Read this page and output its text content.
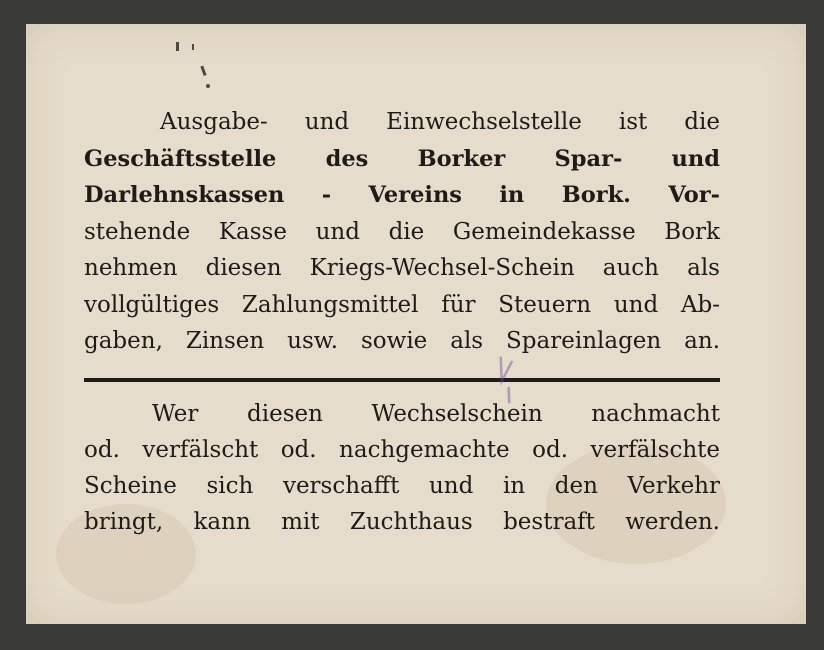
Ausgabe- und Einwechselstelle ist die
Geschäftsstelle des Borker Spar- und
Darlehnskassen - Vereins in Bork. Vor-
stehende Kasse und die Gemeindekasse Bork
nehmen diesen Kriegs-Wechsel-Schein auch als
vollgültiges Zahlungsmittel für Steuern und Ab-
gaben, Zinsen usw. sowie als Spareinlagen an.
Wer diesen Wechselschein nachmacht
od. verfälscht od. nachgemachte od. verfälschte
Scheine sich verschafft und in den Verkehr
bringt, kann mit Zuchthaus bestraft werden.
